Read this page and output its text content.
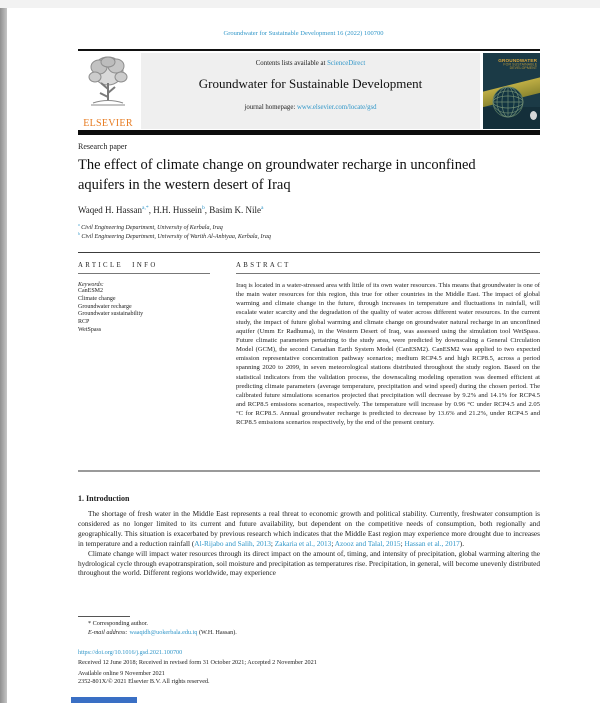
Groundwater for Sustainable Development 16 (2022) 100700
ELSEVIER
Contents lists available at ScienceDirect
Groundwater for Sustainable Development
journal homepage: www.elsevier.com/locate/gsd
GROUNDWATER
FOR SUSTAINABLE
DEVELOPMENT
Research paper
The effect of climate change on groundwater recharge in unconfined aquifers in the western desert of Iraq
Waqed H. Hassan$^{a,*}$, H.H. Hussein$^b$, Basim K. Nile$^a$
$^a$ Civil Engineering Department, University of Kerbala, Iraq
$^b$ Civil Engineering Department, University of Warith Al-Anbiyaa, Kerbala, Iraq
ARTICLE INFO
Keywords:
CanESM2
Climate change
Groundwater recharge
Groundwater sustainability
RCP
WetSpass
ABSTRACT
Iraq is located in a water-stressed area with little of its own water resources. This means that groundwater is one of the main water resources for this region, this true for other countries in the Middle East. The impact of global warming and climate change in the future, through increases in temperature and fluctuations in rainfall, will escalate water scarcity and the degradation of the quality of water across different water resources. In the current study, the impact of future global warming and climate change on groundwater natural recharge in an unconfined aquifer (Umm Er Radhuma), in the Western Desert of Iraq, was assessed using the simulation tool WetSpass. Future climatic parameters pertaining to the study area, were predicted by downscaling a General Circulation Model (GCM), the second Canadian Earth System Model (CanESM2). CanESM2 was applied to two expected emission representative concentration pathway scenarios; medium RCP4.5 and high RCP8.5, across a period spanning 2020 to 2099, in seven meteorological stations distributed throughout the study region. Based on the statistical indicators from the validation process, the downscaling modeling operation was deemed efficient at predicting climate parameters (average temperature, precipitation and wind speed) during the chosen period. The calibrated future simulations scenarios projected that precipitation will decrease by 9.2% and 14.1% for RCP4.5 and RCP8.5 emissions scenarios, respectively. The temperature will increase by 0.96 °C under RCP4.5 and 2.05 °C for RCP8.5. Annual groundwater recharge is predicted to decrease by 13.6% and 21.2%, under RCP4.5 and RCP8.5 emissions scenarios respectively, by the end of the present century.
1. Introduction

The shortage of fresh water in the Middle East represents a real threat to economic growth and political stability. Currently, freshwater consumption is considered as no longer limited to its current and future availability, but dependent on the competitive needs of consumption, both regionally and geographically. This situation is exacerbated by previous research which indicates that the Middle East region may experience more drought due to increases in temperature and a reduction rainfall (Al-Rijabo and Salih, 2013; Zakaria et al., 2013; Azooz and Talal, 2015; Hassan et al., 2017).

Climate change will impact water resources through its direct impact on the amount of, timing, and intensity of precipitation, global warming altering the hydrological cycle through evapotranspiration, soil moisture and precipitation as temperatures rise. Precipitation, in general, will become unevenly distributed throughout the world. Different regions worldwide, may experience

* Corresponding author.
E-mail address: waaqidh@uokerbala.edu.iq (W.H. Hassan).
https://doi.org/10.1016/j.gsd.2021.100700
Received 12 June 2018; Received in revised form 31 October 2021; Accepted 2 November 2021
Available online 9 November 2021
2352-801X/© 2021 Elsevier B.V. All rights reserved.
